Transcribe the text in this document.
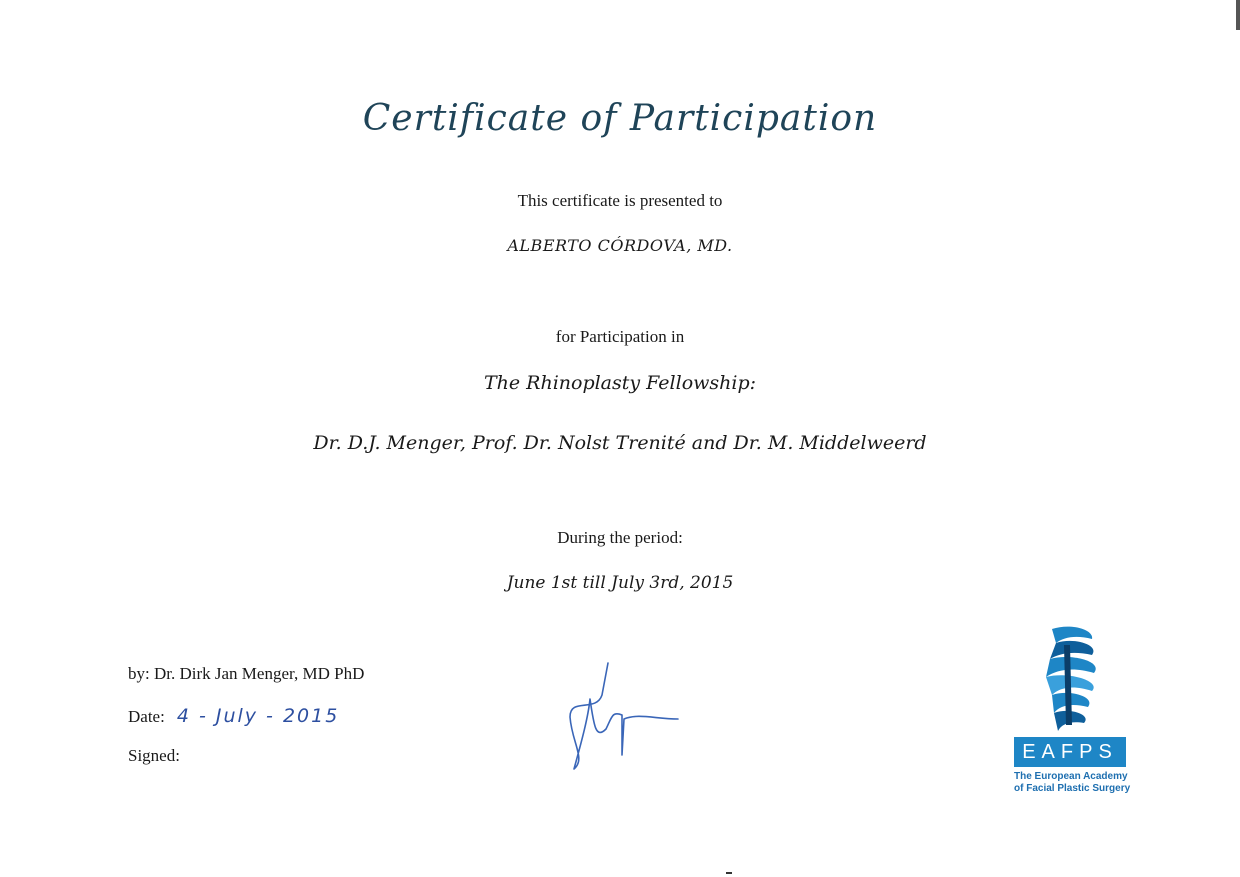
Certificate of Participation
This certificate is presented to
ALBERTO CÓRDOVA, MD.
for Participation in
The Rhinoplasty Fellowship:
Dr. D.J. Menger, Prof. Dr. Nolst Trenité and Dr. M. Middelweerd
During the period:
June 1st till July 3rd, 2015
by: Dr. Dirk Jan Menger, MD PhD
Date: 4 - July - 2015
Signed:	EAFPS
The European Academy
of Facial Plastic Surgery
